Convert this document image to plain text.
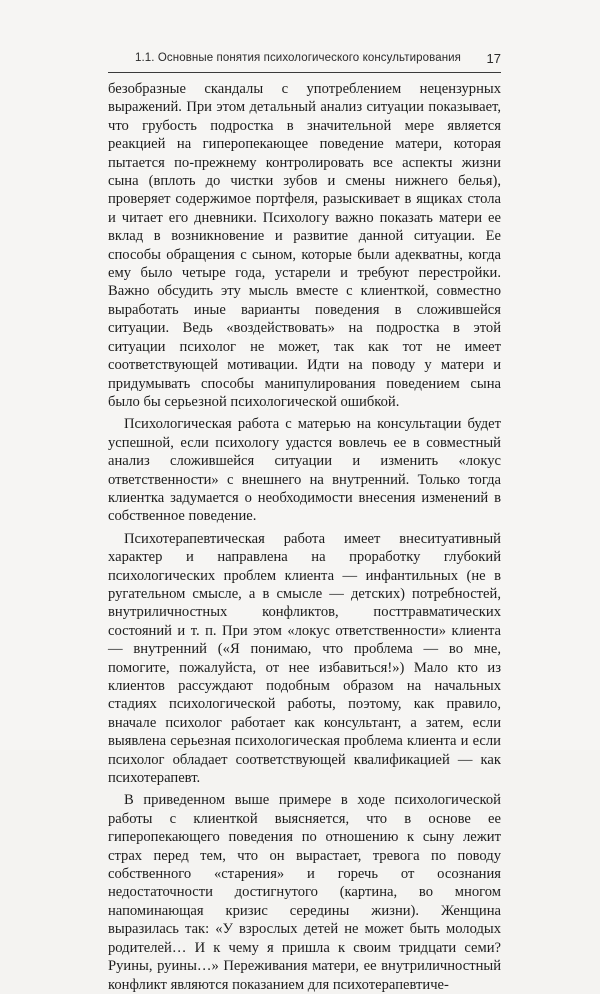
1.1. Основные понятия психологического консультирования 17

безобразные скандалы с употреблением нецензурных выражений. При этом детальный анализ ситуации показывает, что грубость подростка в значительной мере является реакцией на гиперопекающее поведение матери, которая пытается по-прежнему контролировать все аспекты жизни сына (вплоть до чистки зубов и смены нижнего белья), проверяет содержимое портфеля, разыскивает в ящиках стола и читает его дневники. Психологу важно показать матери ее вклад в возникновение и развитие данной ситуации. Ее способы обращения с сыном, которые были адекватны, когда ему было четыре года, устарели и требуют перестройки. Важно обсудить эту мысль вместе с клиенткой, совместно выработать иные варианты поведения в сложившейся ситуации. Ведь «воздействовать» на подростка в этой ситуации психолог не может, так как тот не имеет соответствующей мотивации. Идти на поводу у матери и придумывать способы манипулирования поведением сына было бы серьезной психологической ошибкой.

Психологическая работа с матерью на консультации будет успешной, если психологу удастся вовлечь ее в совместный анализ сложившейся ситуации и изменить «локус ответственности» с внешнего на внутренний. Только тогда клиентка задумается о необходимости внесения изменений в собственное поведение.

Психотерапевтическая работа имеет внеситуативный характер и направлена на проработку глубокий психологических проблем клиента — инфантильных (не в ругательном смысле, а в смысле — детских) потребностей, внутриличностных конфликтов, посттравматических состояний и т. п. При этом «локус ответственности» клиента — внутренний («Я понимаю, что проблема — во мне, помогите, пожалуйста, от нее избавиться!») Мало кто из клиентов рассуждают подобным образом на начальных стадиях психологической работы, поэтому, как правило, вначале психолог работает как консультант, а затем, если выявлена серьезная психологическая проблема клиента и если психолог обладает соответствующей квалификацией — как психотерапевт.

В приведенном выше примере в ходе психологической работы с клиенткой выясняется, что в основе ее гиперопекающего поведения по отношению к сыну лежит страх перед тем, что он вырастает, тревога по поводу собственного «старения» и горечь от осознания недостаточности достигнутого (картина, во многом напоминающая кризис середины жизни). Женщина выразилась так: «У взрослых детей не может быть молодых родителей… И к чему я пришла к своим тридцати семи? Руины, руины…» Переживания матери, ее внутриличностный конфликт являются показанием для психотерапевтиче-
